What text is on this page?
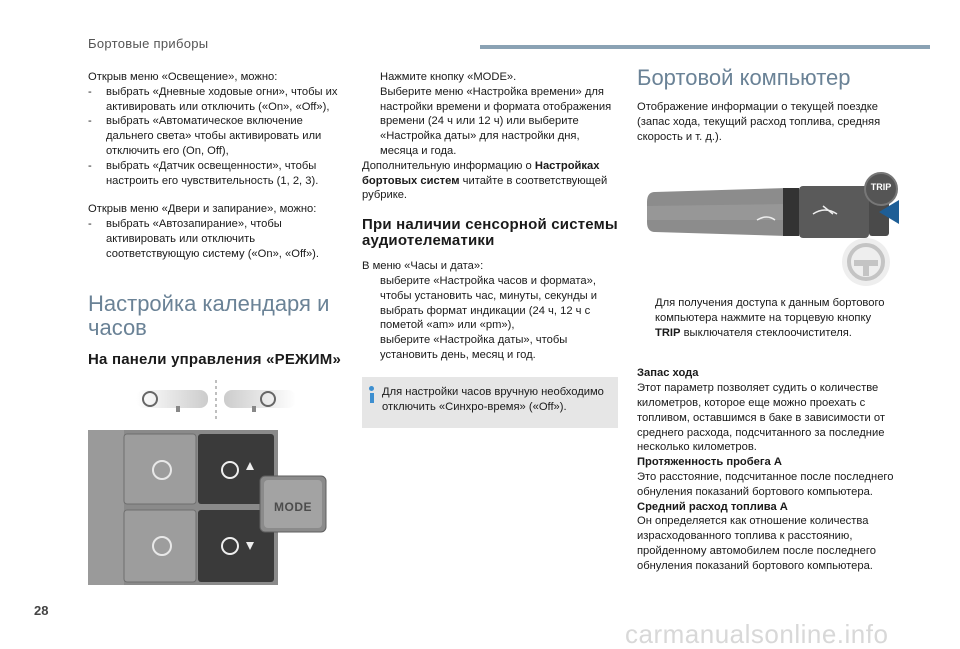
Бортовые приборы

Открыв меню «Освещение», можно:

- выбрать «Дневные ходовые огни», чтобы их активировать или отключить («On», «Off»),
- выбрать «Автоматическое включение дальнего света» чтобы активировать или отключить его (On, Off),
- выбрать «Датчик освещенности», чтобы настроить его чувствительность (1, 2, 3).

Открыв меню «Двери и запирание», можно:

- выбрать «Автозапирание», чтобы активировать или отключить соответствующую систему («On», «Off»).
Настройка календаря и часов
На панели управления «РЕЖИМ»
MODE
Нажмите кнопку «MODE».
Выберите меню «Настройка времени» для настройки времени и формата отображения времени (24 ч или 12 ч) или выберите «Настройка даты» для настройки дня, месяца и года.

Дополнительную информацию о Настройках бортовых систем читайте в соответствующей рубрике.

При наличии сенсорной системы аудиотелематики

В меню «Часы и дата»:

выберите «Настройка часов и формата», чтобы установить час, минуты, секунды и выбрать формат индикации (24 ч, 12 ч с пометой «am» или «pm»),
выберите «Настройка даты», чтобы установить день, месяц и год.

Для настройки часов вручную необходимо отключить «Синхро-время» («Off»).

Бортовой компьютер

Отображение информации о текущей поездке (запас хода, текущий расход топлива, средняя скорость и т. д.).

TRIP
Для получения доступа к данным бортового компьютера нажмите на торцевую кнопку TRIP выключателя стеклоочистителя.

Запас хода

Этот параметр позволяет судить о количестве километров, которое еще можно проехать с топливом, оставшимся в баке в зависимости от среднего расхода, подсчитанного за последние несколько километров.

Протяженность пробега A

Это расстояние, подсчитанное после последнего обнуления показаний бортового компьютера.

Средний расход топлива A

Он определяется как отношение количества израсходованного топлива к расстоянию, пройденному автомобилем после последнего обнуления показаний бортового компьютера.

28
carmanualsonline.info
